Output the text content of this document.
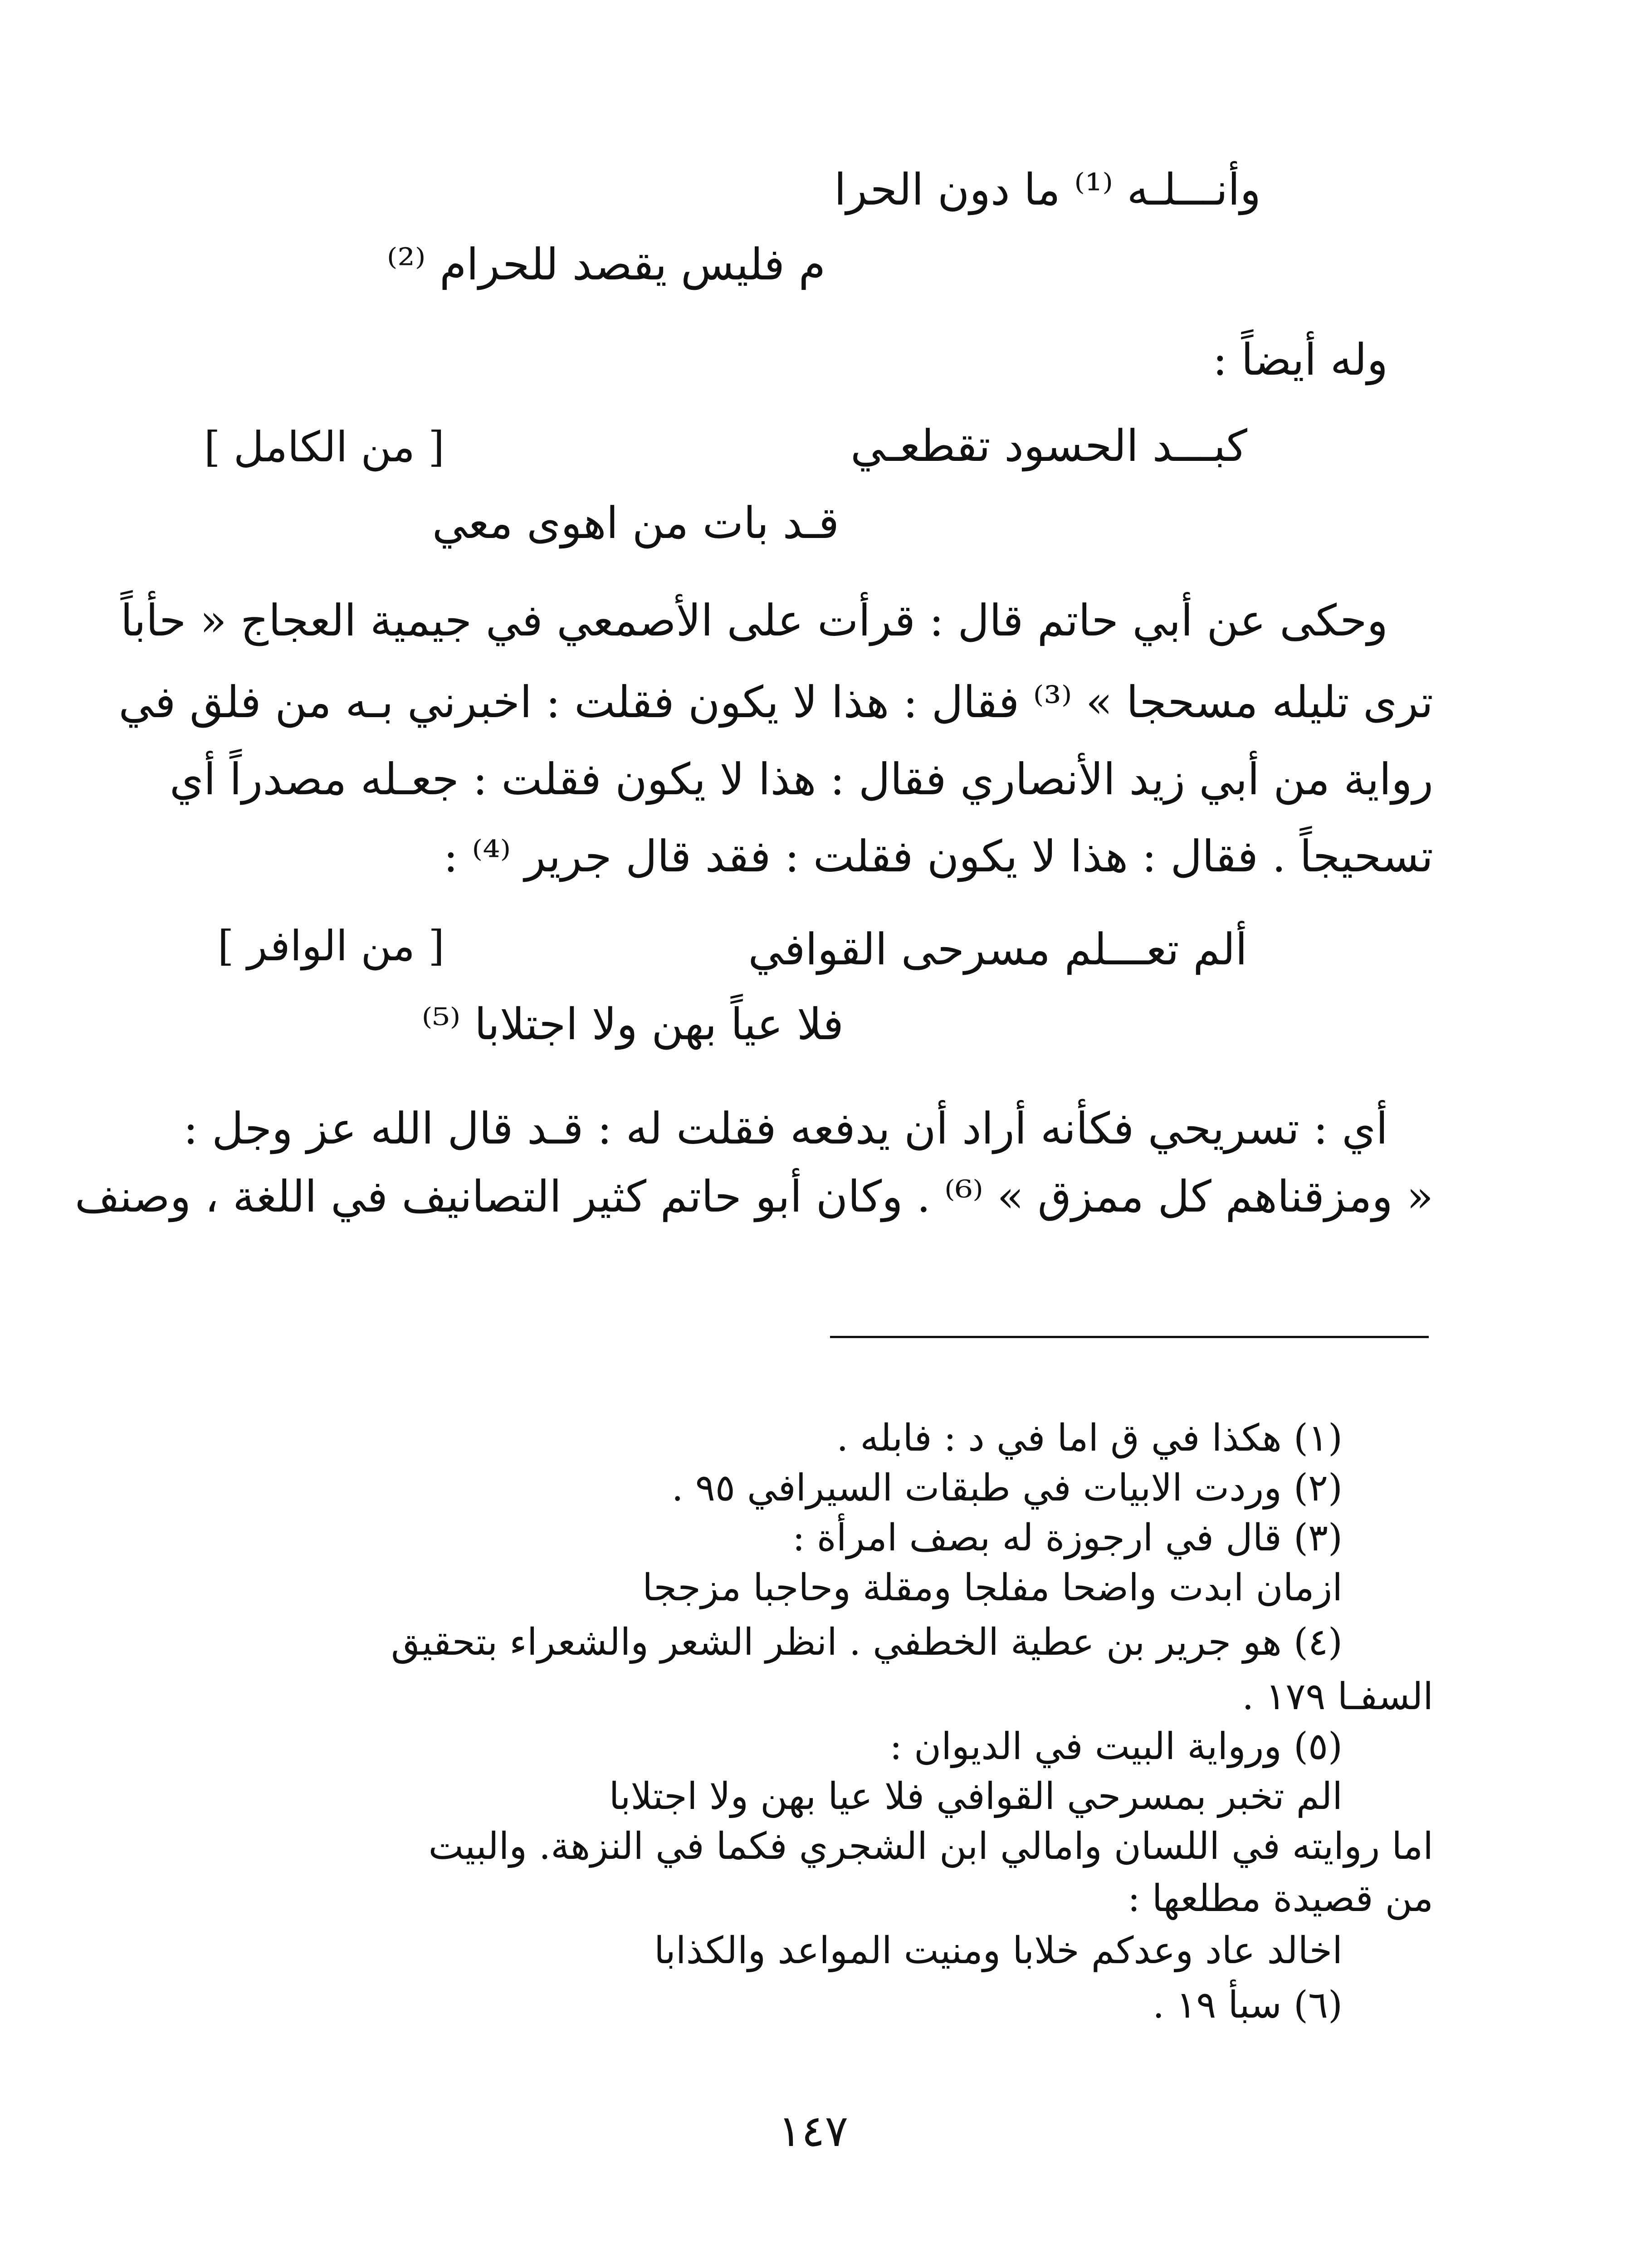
وأنـــلـه ⁽¹⁾ ما دون الحرا
م فليس يقصد للحرام ⁽²⁾
وله أيضاً :
كبـــد الحسود تقطعـي
[ من الكامل ]
قـد بات من اهوى معي
وحكى عن أبي حاتم قال : قرأت على الأصمعي في جيمية العجاج « حأباً
ترى تليله مسحجا » ⁽³⁾ فقال : هذا لا يكون فقلت : اخبرني بـه من فلق في
رواية من أبي زيد الأنصاري فقال : هذا لا يكون فقلت : جعـله مصدراً أي
تسحيجاً . فقال : هذا لا يكون فقلت : فقد قال جرير ⁽⁴⁾ :
ألم تعـــلم مسرحى القوافي
[ من الوافر ]
فلا عياً بهن ولا اجتلابا ⁽⁵⁾
أي : تسريحي فكأنه أراد أن يدفعه فقلت له : قـد قال الله عز وجل :
« ومزقناهم كل ممزق » ⁽⁶⁾ . وكان أبو حاتم كثير التصانيف في اللغة ، وصنف
(١) هكذا في ق اما في د : فابله .
(٢) وردت الابيات في طبقات السيرافي ٩٥ .
(٣) قال في ارجوزة له بصف امرأة :
ازمان ابدت واضحا مفلجا ومقلة وحاجبا مزججا
(٤) هو جرير بن عطية الخطفي . انظر الشعر والشعراء بتحقيق
السفـا ١٧٩ .
(٥) ورواية البيت في الديوان :
الم تخبر بمسرحي القوافي فلا عيا بهن ولا اجتلابا
اما روايته في اللسان وامالي ابن الشجري فكما في النزهة. والبيت
من قصيدة مطلعها :
اخالد عاد وعدكم خلابا ومنيت المواعد والكذابا
(٦) سبأ ١٩ .
١٤٧
